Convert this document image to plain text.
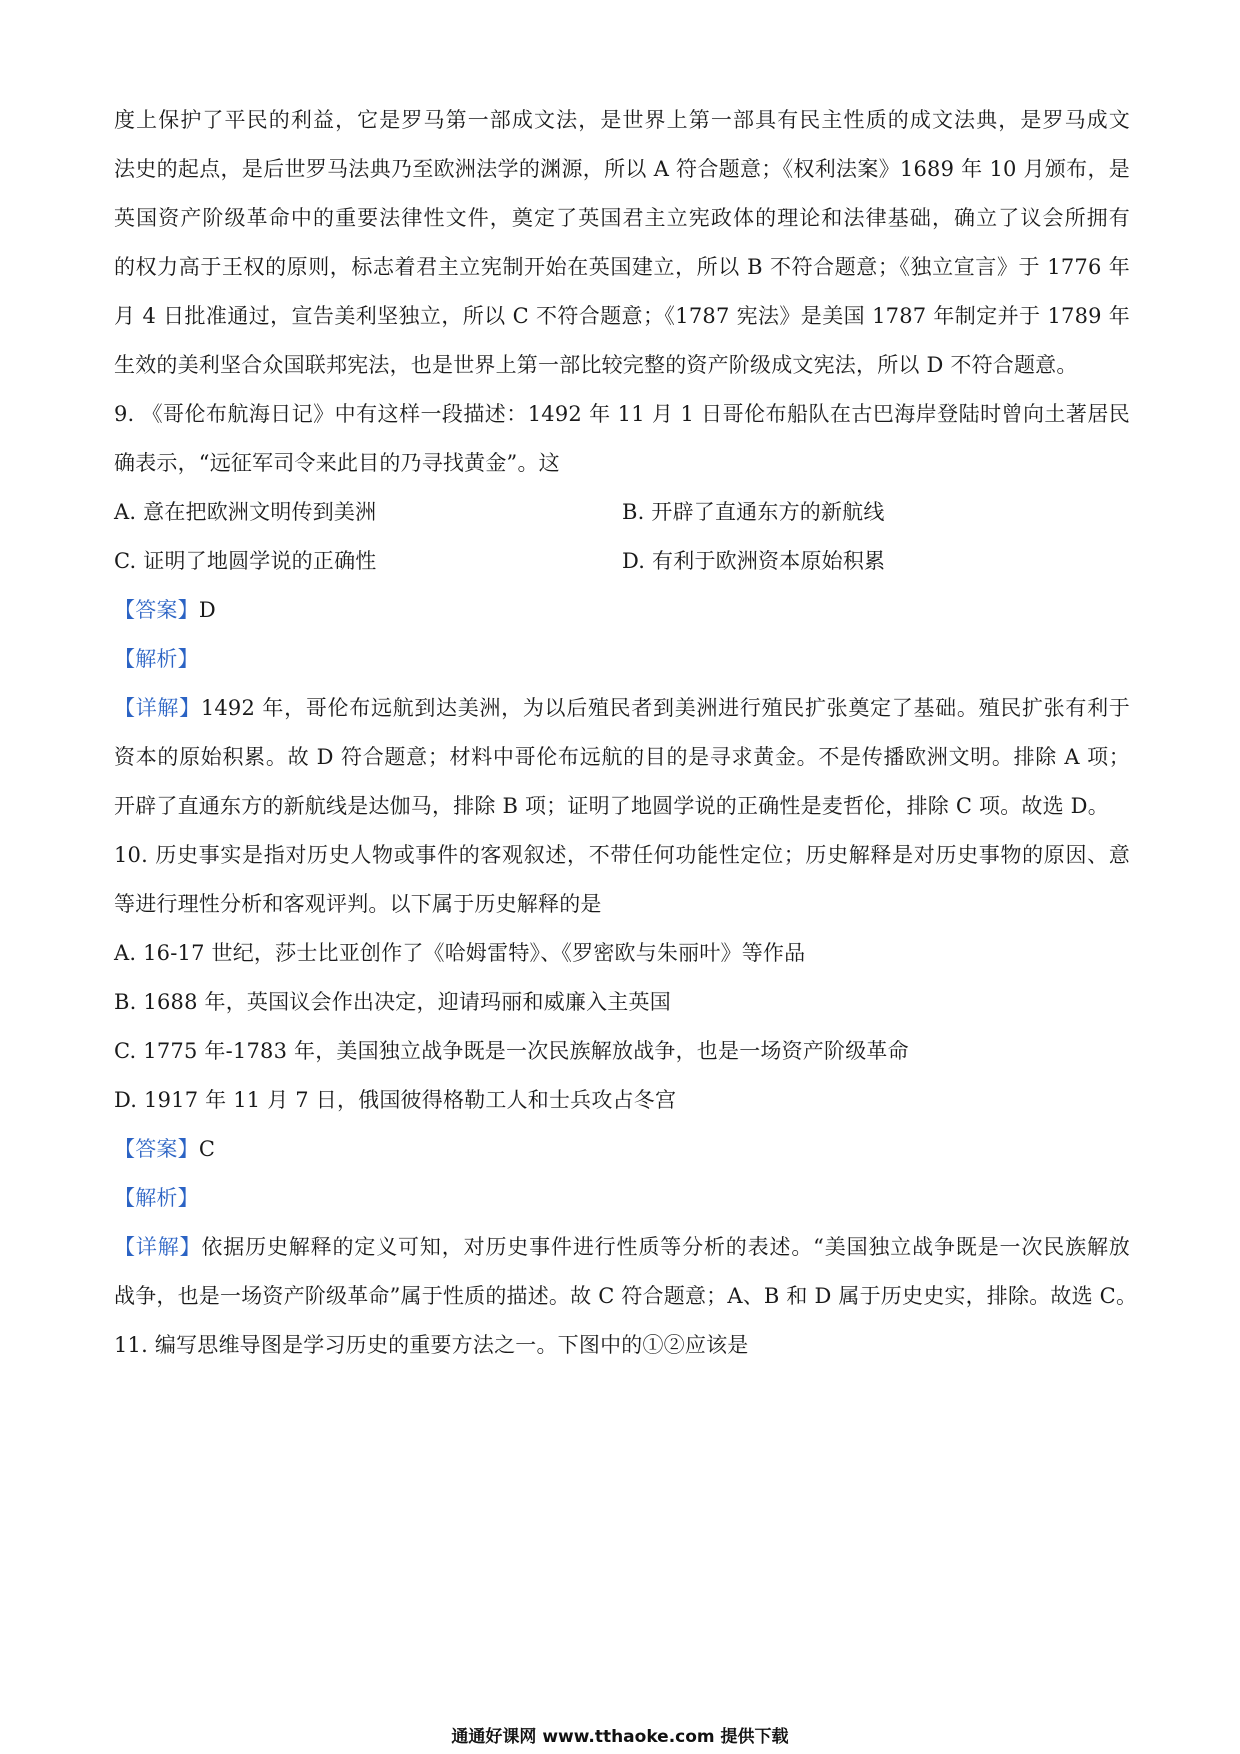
度上保护了平民的利益，它是罗马第一部成文法，是世界上第一部具有民主性质的成文法典，是罗马成文
法史的起点，是后世罗马法典乃至欧洲法学的渊源，所以 A 符合题意；《权利法案》1689 年 10 月颁布，是
英国资产阶级革命中的重要法律性文件，奠定了英国君主立宪政体的理论和法律基础，确立了议会所拥有
的权力高于王权的原则，标志着君主立宪制开始在英国建立，所以 B 不符合题意；《独立宣言》于 1776 年
月 4 日批准通过，宣告美利坚独立，所以 C 不符合题意；《1787 宪法》是美国 1787 年制定并于 1789 年
生效的美利坚合众国联邦宪法，也是世界上第一部比较完整的资产阶级成文宪法，所以 D 不符合题意。
9. 《哥伦布航海日记》中有这样一段描述：1492 年 11 月 1 日哥伦布船队在古巴海岸登陆时曾向土著居民
确表示，“远征军司令来此目的乃寻找黄金”。这
A. 意在把欧洲文明传到美洲	B. 开辟了直通东方的新航线
C. 证明了地圆学说的正确性	D. 有利于欧洲资本原始积累
【答案】D
【解析】
【详解】1492 年，哥伦布远航到达美洲，为以后殖民者到美洲进行殖民扩张奠定了基础。殖民扩张有利于
资本的原始积累。故 D 符合题意；材料中哥伦布远航的目的是寻求黄金。不是传播欧洲文明。排除 A 项；
开辟了直通东方的新航线是达伽马，排除 B 项；证明了地圆学说的正确性是麦哲伦，排除 C 项。故选 D。
10. 历史事实是指对历史人物或事件的客观叙述，不带任何功能性定位；历史解释是对历史事物的原因、意
等进行理性分析和客观评判。以下属于历史解释的是
A. 16-17 世纪，莎士比亚创作了《哈姆雷特》、《罗密欧与朱丽叶》等作品
B. 1688 年，英国议会作出决定，迎请玛丽和威廉入主英国
C. 1775 年-1783 年，美国独立战争既是一次民族解放战争，也是一场资产阶级革命
D. 1917 年 11 月 7 日，俄国彼得格勒工人和士兵攻占冬宫
【答案】C
【解析】
【详解】依据历史解释的定义可知，对历史事件进行性质等分析的表述。“美国独立战争既是一次民族解放
战争，也是一场资产阶级革命”属于性质的描述。故 C 符合题意；A、B 和 D 属于历史史实，排除。故选 C。
11. 编写思维导图是学习历史的重要方法之一。下图中的①②应该是
通通好课网 www.tthaoke.com 提供下载
